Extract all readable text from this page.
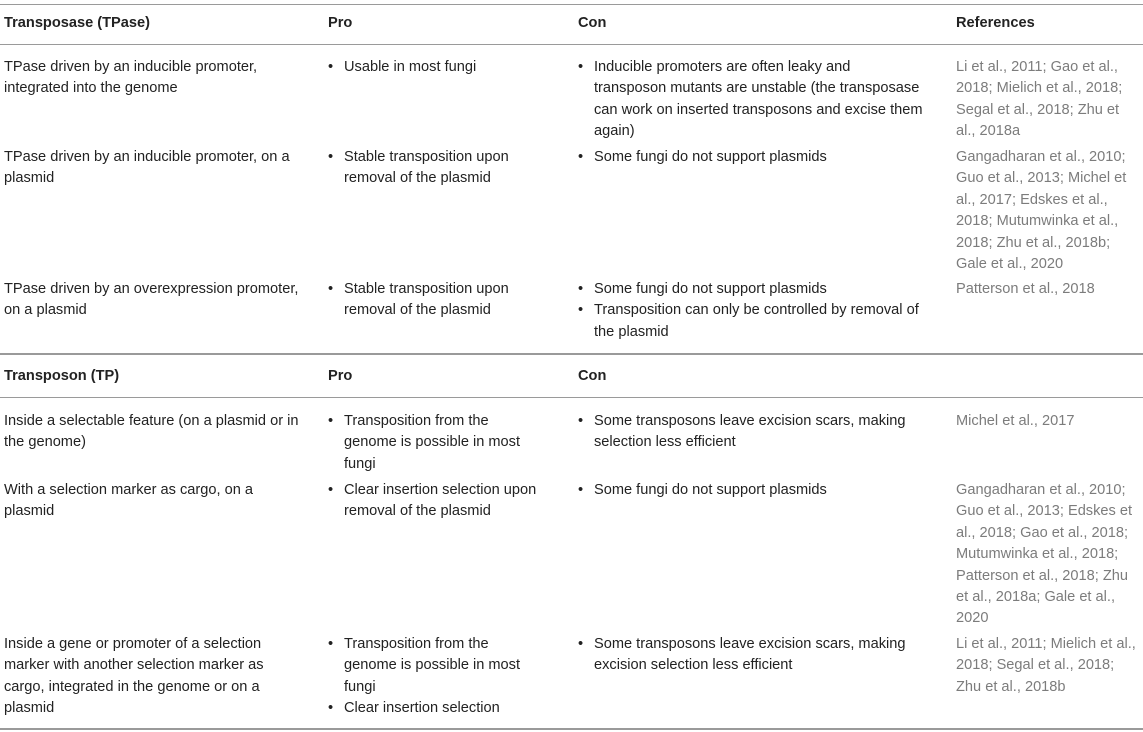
Transposase (TPase)	Pro	Con	References
TPase driven by an inducible promoter, integrated into the genome
• Usable in most fungi
•	Inducible promoters are often leaky and transposon mutants are unstable (the transposase can work on inserted transposons and excise them again)
Li et al., 2011; Gao et al., 2018; Mielich et al., 2018; Segal et al., 2018; Zhu et al., 2018a
TPase driven by an inducible promoter, on a plasmid
• Stable transposition upon removal of the plasmid
• Some fungi do not support plasmids	Gangadharan et al., 2010; Guo et al., 2013; Michel et al., 2017; Edskes et al., 2018; Mutumwinka et al., 2018; Zhu et al., 2018b; Gale et al., 2020
TPase driven by an overexpression promoter, on a plasmid
• Stable transposition upon removal of the plasmid
• Some fungi do not support plasmids
• Transposition can only be controlled by removal of the plasmid
Patterson et al., 2018
Transposon (TP)	Pro	Con
Inside a selectable feature (on a plasmid or in the genome)
• Transposition from the genome is possible in most fungi
• Some transposons leave excision scars, making selection less efficient
Michel et al., 2017
With a selection marker as cargo, on a plasmid
• Clear insertion selection upon removal of the plasmid
• Some fungi do not support plasmids	Gangadharan et al., 2010; Guo et al., 2013; Edskes et al., 2018; Gao et al., 2018; Mutumwinka et al., 2018; Patterson et al., 2018; Zhu et al., 2018a; Gale et al., 2020
Inside a gene or promoter of a selection marker with another selection marker as cargo, integrated in the genome or on a plasmid
• Transposition from the genome is possible in most fungi
• Clear insertion selection
• Some transposons leave excision scars, making excision selection less efficient
Li et al., 2011; Mielich et al., 2018; Segal et al., 2018; Zhu et al., 2018b
